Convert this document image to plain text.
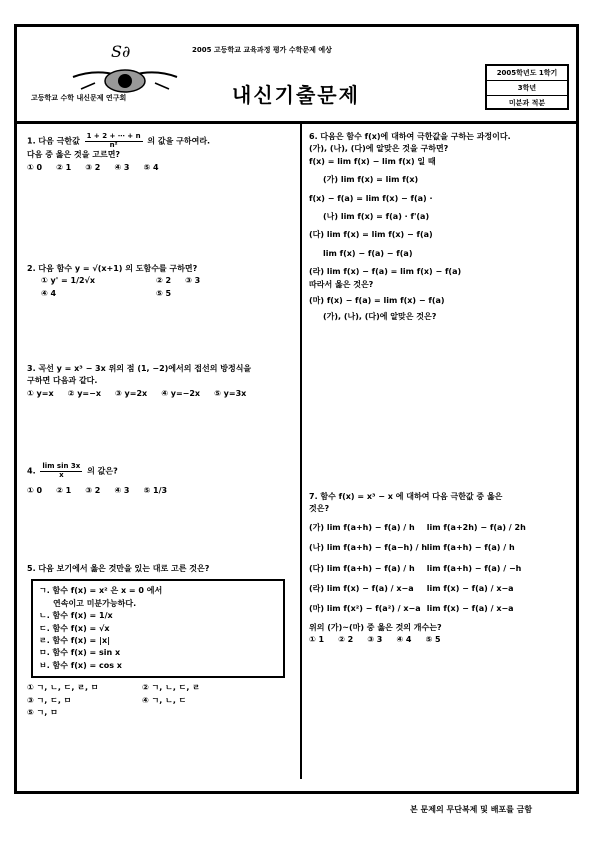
S∂
고등학교 수학 내신문제 연구회
2005 고등학교 교육과정 평가 수학문제 예상
내신기출문제
2005학년도 1학기
3학년
미분과 적분
1. 다음 극한값 $\frac{1 + 2 + \cdots + n}{\text{n²}}$ 의 값을 구하여라.
다음 중 옳은 것을 고르면?
① 0 ② 1 ③ 2 ④ 3 ⑤ 4
2. 다음 함수 y = √(x+1) 의 도함수를 구하면?
① y' = 1/2√x	② 2 ③ 3
④ 4	⑤ 5
3. 곡선 y = x³ − 3x 위의 점 (1, −2)에서의 접선의 방정식을
구하면 다음과 같다.
① y=x ② y=−x ③ y=2x ④ y=−2x ⑤ y=3x
4. $\frac{\text{lim sin 3x}}{x}$ 의 값은?
① 0 ② 1 ③ 2 ④ 3 ⑤ 1/3
5. 다음 보기에서 옳은 것만을 있는 대로 고른 것은?
ㄱ. 함수 f(x) = x² 은 x = 0 에서
연속이고 미분가능하다.
ㄴ. 함수 f(x) = 1/x
ㄷ. 함수 f(x) = √x
ㄹ. 함수 f(x) = |x|
ㅁ. 함수 f(x) = sin x
ㅂ. 함수 f(x) = cos x
① ㄱ, ㄴ, ㄷ, ㄹ, ㅁ	② ㄱ, ㄴ, ㄷ, ㄹ
③ ㄱ, ㄷ, ㅁ	④ ㄱ, ㄴ, ㄷ
⑤ ㄱ, ㅁ
6. 다음은 함수 f(x)에 대하여 극한값을 구하는 과정이다.
(가), (나), (다)에 알맞은 것을 구하면?
f(x) = lim f(x) − lim f(x) 일 때
(가) lim f(x) = lim f(x)
f(x) − f(a) = lim f(x) − f(a) ·
(나) lim f(x) = f(a) · f'(a)
(다) lim f(x) = lim f(x) − f(a)
lim f(x) − f(a) − f(a)
(라) lim f(x) − f(a) = lim f(x) − f(a)
따라서 옳은 것은?
(마) f(x) − f(a) = lim f(x) − f(a)
(가), (나), (다)에 알맞은 것은?
7. 함수 f(x) = x³ − x 에 대하여 다음 극한값 중 옳은
것은?
(가) lim f(a+h) − f(a) / h lim f(a+2h) − f(a) / 2h
(나) lim f(a+h) − f(a−h) / h lim f(a+h) − f(a) / h
(다) lim f(a+h) − f(a) / h lim f(a+h) − f(a) / −h
(라) lim f(x) − f(a) / x−a lim f(x) − f(a) / x−a
(마) lim f(x²) − f(a²) / x−a lim f(x) − f(a) / x−a
위의 (가)~(마) 중 옳은 것의 개수는?
① 1 ② 2 ③ 3 ④ 4 ⑤ 5
본 문제의 무단복제 및 배포를 금함
